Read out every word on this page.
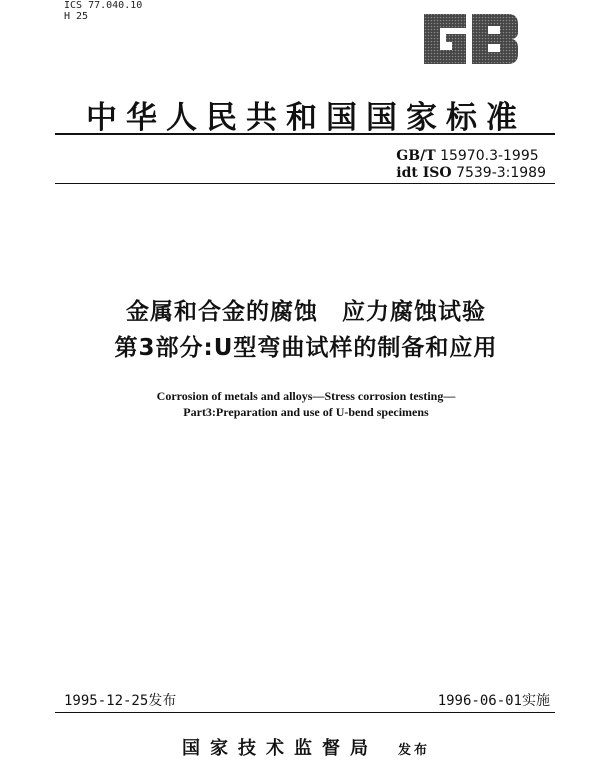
ICS 77.040.10
H 25
中华人民共和国国家标准
GB/T 15970.3-1995
idt ISO 7539-3:1989
金属和合金的腐蚀　应力腐蚀试验
第3部分:U型弯曲试样的制备和应用
Corrosion of metals and alloys—Stress corrosion testing—
Part3:Preparation and use of U-bend specimens
1995-12-25发布	1996-06-01实施
国家技术监督局 发布
